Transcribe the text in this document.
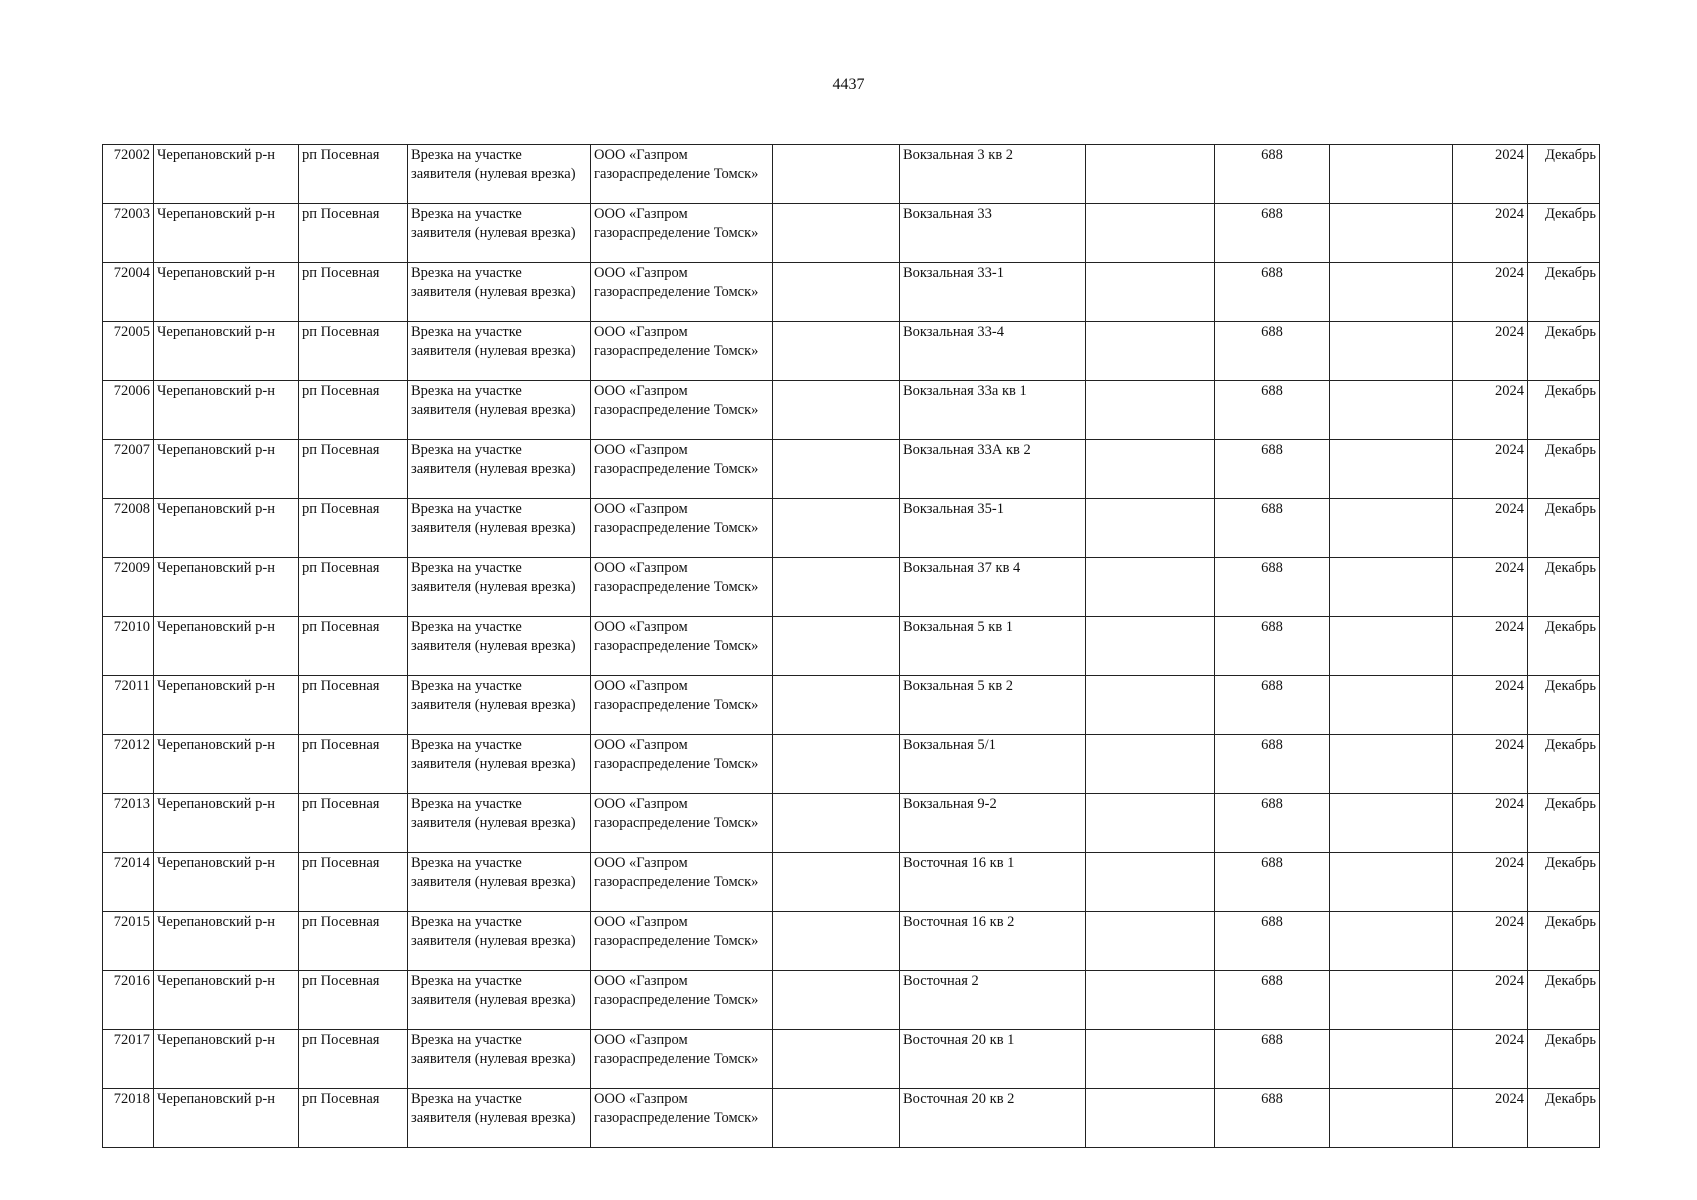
4437
72002	Черепановский р-н	рп Посевная	Врезка на участке
заявителя (нулевая врезка)	ООО «Газпром
газораспределение Томск»		Вокзальная 3 кв 2		688		2024	Декабрь

72003	Черепановский р-н	рп Посевная	Врезка на участке
заявителя (нулевая врезка)	ООО «Газпром
газораспределение Томск»		Вокзальная 33		688		2024	Декабрь

72004	Черепановский р-н	рп Посевная	Врезка на участке
заявителя (нулевая врезка)	ООО «Газпром
газораспределение Томск»		Вокзальная 33-1		688		2024	Декабрь

72005	Черепановский р-н	рп Посевная	Врезка на участке
заявителя (нулевая врезка)	ООО «Газпром
газораспределение Томск»		Вокзальная 33-4		688		2024	Декабрь

72006	Черепановский р-н	рп Посевная	Врезка на участке
заявителя (нулевая врезка)	ООО «Газпром
газораспределение Томск»		Вокзальная 33а кв 1		688		2024	Декабрь

72007	Черепановский р-н	рп Посевная	Врезка на участке
заявителя (нулевая врезка)	ООО «Газпром
газораспределение Томск»		Вокзальная 33А кв 2		688		2024	Декабрь

72008	Черепановский р-н	рп Посевная	Врезка на участке
заявителя (нулевая врезка)	ООО «Газпром
газораспределение Томск»		Вокзальная 35-1		688		2024	Декабрь

72009	Черепановский р-н	рп Посевная	Врезка на участке
заявителя (нулевая врезка)	ООО «Газпром
газораспределение Томск»		Вокзальная 37 кв 4		688		2024	Декабрь

72010	Черепановский р-н	рп Посевная	Врезка на участке
заявителя (нулевая врезка)	ООО «Газпром
газораспределение Томск»		Вокзальная 5 кв 1		688		2024	Декабрь

72011	Черепановский р-н	рп Посевная	Врезка на участке
заявителя (нулевая врезка)	ООО «Газпром
газораспределение Томск»		Вокзальная 5 кв 2		688		2024	Декабрь

72012	Черепановский р-н	рп Посевная	Врезка на участке
заявителя (нулевая врезка)	ООО «Газпром
газораспределение Томск»		Вокзальная 5/1		688		2024	Декабрь

72013	Черепановский р-н	рп Посевная	Врезка на участке
заявителя (нулевая врезка)	ООО «Газпром
газораспределение Томск»		Вокзальная 9-2		688		2024	Декабрь

72014	Черепановский р-н	рп Посевная	Врезка на участке
заявителя (нулевая врезка)	ООО «Газпром
газораспределение Томск»		Восточная 16 кв 1		688		2024	Декабрь

72015	Черепановский р-н	рп Посевная	Врезка на участке
заявителя (нулевая врезка)	ООО «Газпром
газораспределение Томск»		Восточная 16 кв 2		688		2024	Декабрь

72016	Черепановский р-н	рп Посевная	Врезка на участке
заявителя (нулевая врезка)	ООО «Газпром
газораспределение Томск»		Восточная 2		688		2024	Декабрь

72017	Черепановский р-н	рп Посевная	Врезка на участке
заявителя (нулевая врезка)	ООО «Газпром
газораспределение Томск»		Восточная 20 кв 1		688		2024	Декабрь

72018	Черепановский р-н	рп Посевная	Врезка на участке
заявителя (нулевая врезка)	ООО «Газпром
газораспределение Томск»		Восточная 20 кв 2		688		2024	Декабрь
